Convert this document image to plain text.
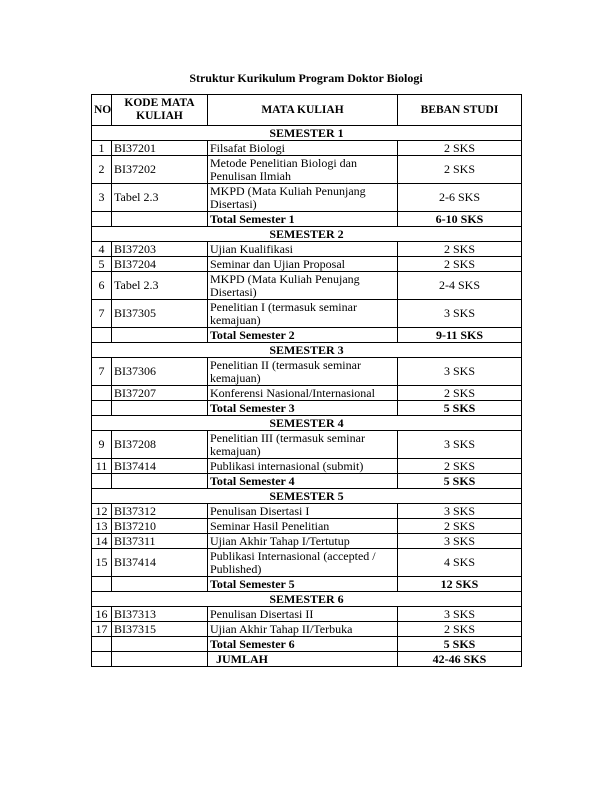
Struktur Kurikulum Program Doktor Biologi
NO	KODE MATA KULIAH	MATA KULIAH	BEBAN STUDI
SEMESTER 1			
1	BI37201	Filsafat Biologi	2 SKS
2	BI37202	Metode Penelitian Biologi dan Penulisan Ilmiah	2 SKS
3	Tabel 2.3	MKPD (Mata Kuliah Penunjang Disertasi)	2-6 SKS
		Total Semester 1	6-10 SKS
SEMESTER 2			
4	BI37203	Ujian Kualifikasi	2 SKS
5	BI37204	Seminar dan Ujian Proposal	2 SKS
6	Tabel 2.3	MKPD (Mata Kuliah Penujang Disertasi)	2-4 SKS
7	BI37305	Penelitian I (termasuk seminar kemajuan)	3 SKS
		Total Semester 2	9-11 SKS
SEMESTER 3			
7	BI37306	Penelitian II (termasuk seminar kemajuan)	3 SKS
	BI37207	Konferensi Nasional/Internasional	2 SKS
		Total Semester 3	5 SKS
SEMESTER 4			
9	BI37208	Penelitian III (termasuk seminar kemajuan)	3 SKS
11	BI37414	Publikasi internasional (submit)	2 SKS
		Total Semester 4	5 SKS
SEMESTER 5			
12	BI37312	Penulisan Disertasi I	3 SKS
13	BI37210	Seminar Hasil Penelitian	2 SKS
14	BI37311	Ujian Akhir Tahap I/Tertutup	3 SKS
15	BI37414	Publikasi Internasional (accepted / Published)	4 SKS
		Total Semester 5	12 SKS
SEMESTER 6			
16	BI37313	Penulisan Disertasi II	3 SKS
17	BI37315	Ujian Akhir Tahap II/Terbuka	2 SKS
		Total Semester 6	5 SKS
		JUMLAH	42-46 SKS
